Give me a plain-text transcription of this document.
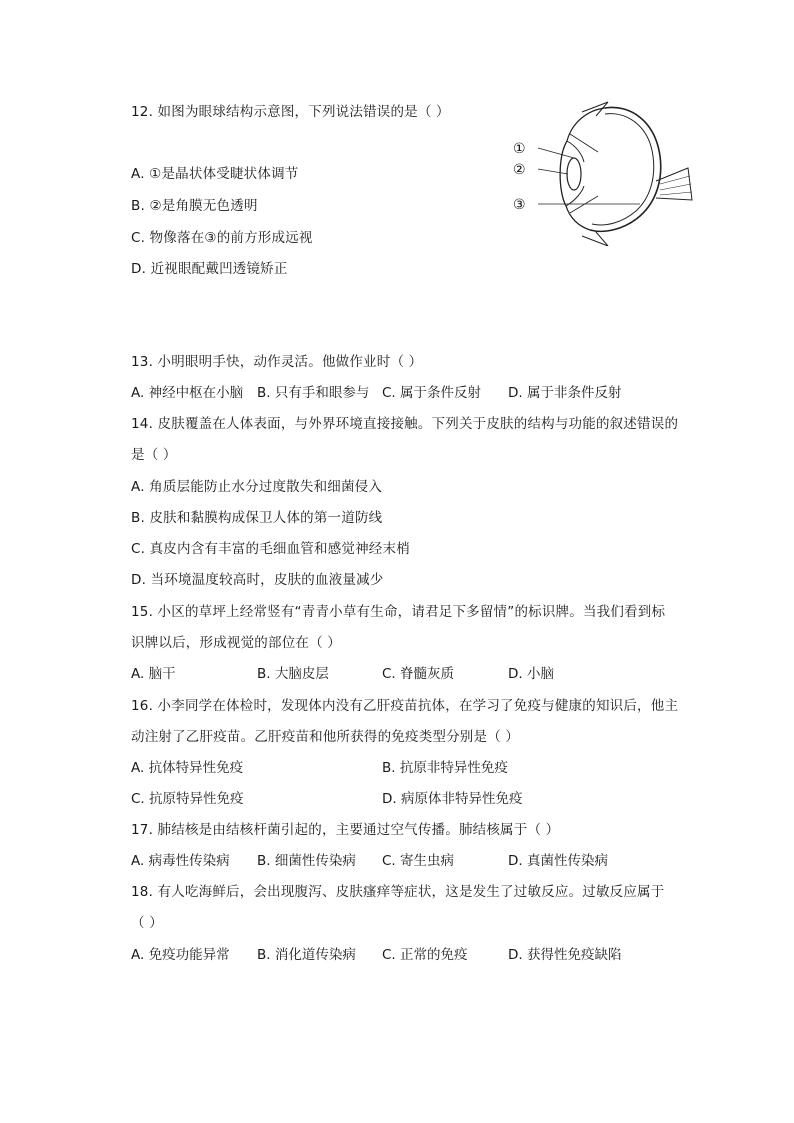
12. 如图为眼球结构示意图，下列说法错误的是（ ）
A. ①是晶状体受睫状体调节
B. ②是角膜无色透明
C. 物像落在③的前方形成远视
D. 近视眼配戴凹透镜矫正
①
②
③
13. 小明眼明手快，动作灵活。他做作业时（ ）
A. 神经中枢在小脑 B. 只有手和眼参与 C. 属于条件反射 D. 属于非条件反射
14. 皮肤覆盖在人体表面，与外界环境直接接触。下列关于皮肤的结构与功能的叙述错误的
是（ ）
A. 角质层能防止水分过度散失和细菌侵入
B. 皮肤和黏膜构成保卫人体的第一道防线
C. 真皮内含有丰富的毛细血管和感觉神经末梢
D. 当环境温度较高时，皮肤的血液量减少
15. 小区的草坪上经常竖有“青青小草有生命，请君足下多留情”的标识牌。当我们看到标
识牌以后，形成视觉的部位在（ ）
A. 脑干	B. 大脑皮层	C. 脊髓灰质	D. 小脑
16. 小李同学在体检时，发现体内没有乙肝疫苗抗体，在学习了免疫与健康的知识后，他主
动注射了乙肝疫苗。乙肝疫苗和他所获得的免疫类型分别是（ ）
A. 抗体特异性免疫	B. 抗原非特异性免疫
C. 抗原特异性免疫	D. 病原体非特异性免疫
17. 肺结核是由结核杆菌引起的，主要通过空气传播。肺结核属于（ ）
A. 病毒性传染病 B. 细菌性传染病 C. 寄生虫病	D. 真菌性传染病
18. 有人吃海鲜后，会出现腹泻、皮肤瘙痒等症状，这是发生了过敏反应。过敏反应属于
（ ）
A. 免疫功能异常 B. 消化道传染病 C. 正常的免疫	D. 获得性免疫缺陷
